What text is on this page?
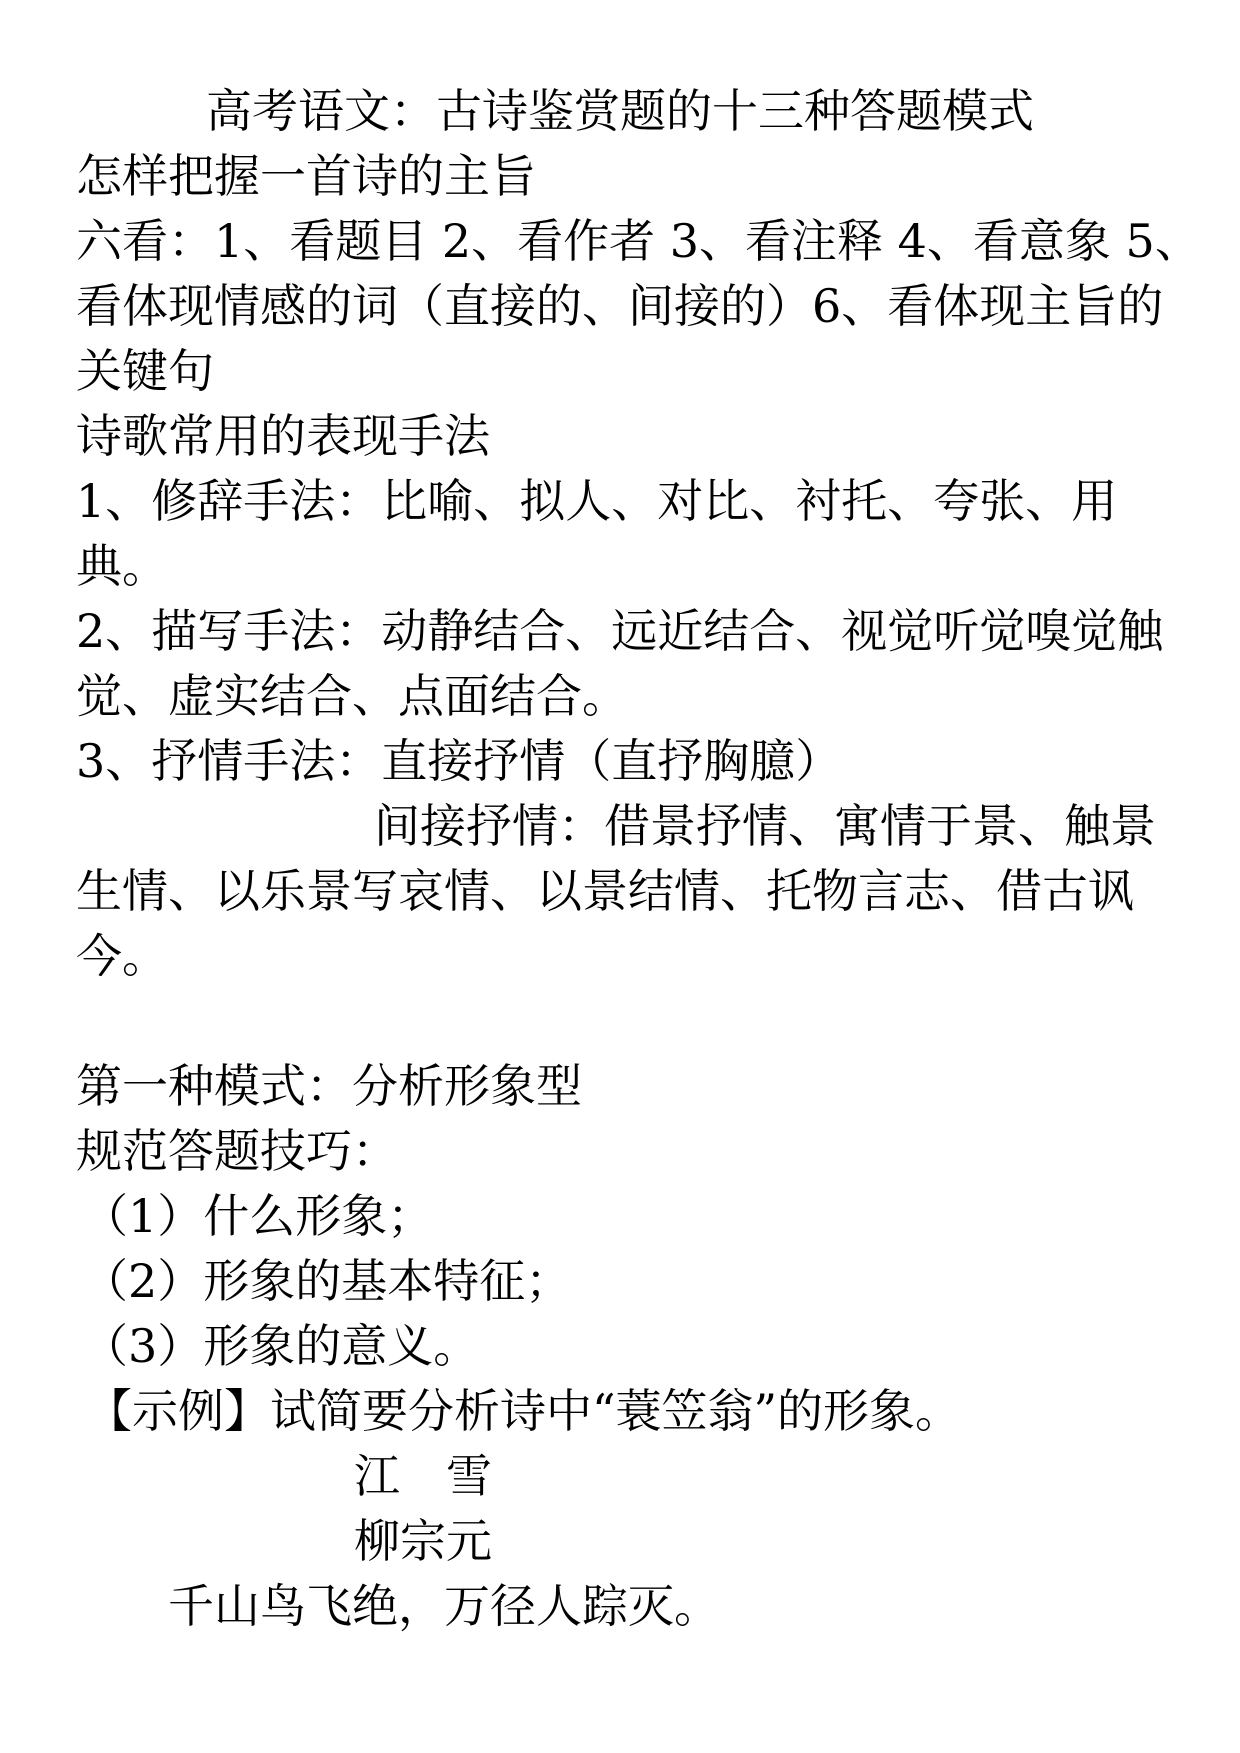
高考语文：古诗鉴赏题的十三种答题模式
怎样把握一首诗的主旨
六看：1、看题目 2、看作者 3、看注释 4、看意象 5、
看体现情感的词（直接的、间接的）6、看体现主旨的
关键句
诗歌常用的表现手法
1、修辞手法：比喻、拟人、对比、衬托、夸张、用
典。
2、描写手法：动静结合、远近结合、视觉听觉嗅觉触
觉、虚实结合、点面结合。
3、抒情手法：直接抒情（直抒胸臆）
间接抒情：借景抒情、寓情于景、触景
生情、以乐景写哀情、以景结情、托物言志、借古讽
今。
第一种模式：分析形象型
规范答题技巧：
（1）什么形象；
（2）形象的基本特征；
（3）形象的意义。
【示例】试简要分析诗中“蓑笠翁”的形象。
江　雪
柳宗元
千山鸟飞绝，万径人踪灭。
